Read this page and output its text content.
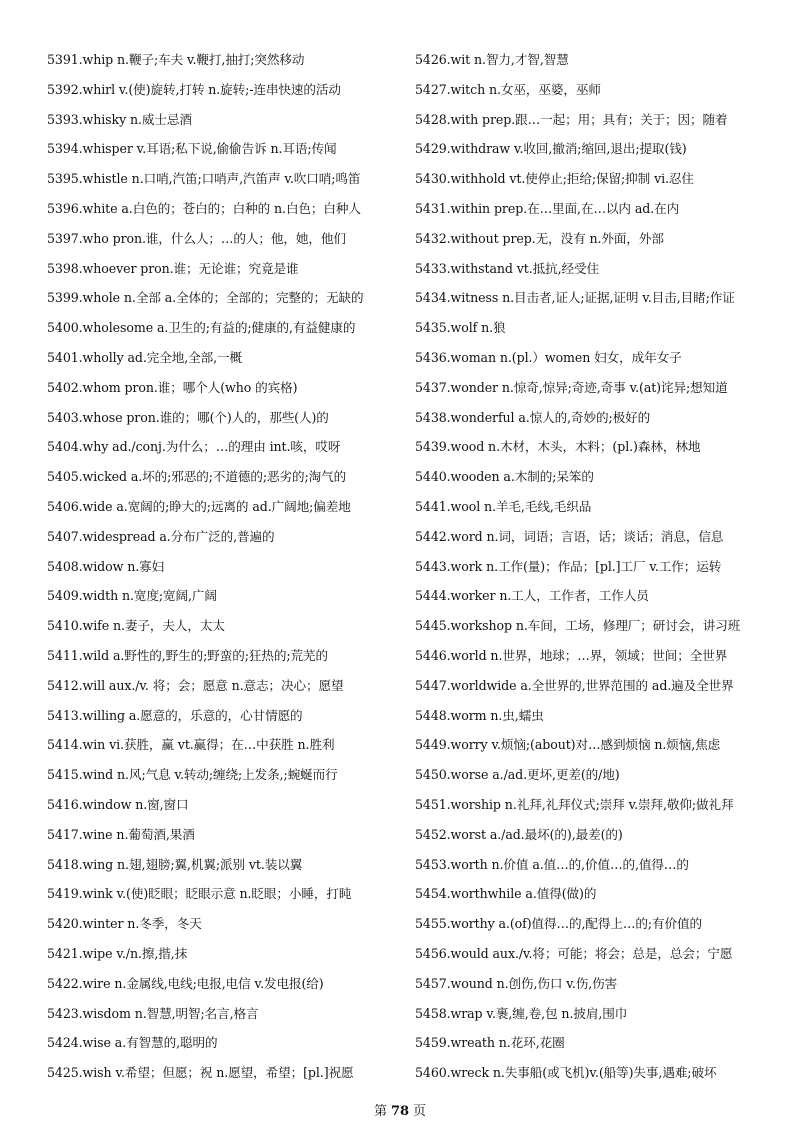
5391.whip n.鞭子;车夫 v.鞭打,抽打;突然移动
5392.whirl v.(使)旋转,打转 n.旋转;-连串快速的活动
5393.whisky n.威士忌酒
5394.whisper v.耳语;私下说,偷偷告诉 n.耳语;传闻
5395.whistle n.口哨,汽笛;口哨声,汽笛声 v.吹口哨;鸣笛
5396.white a.白色的；苍白的；白种的 n.白色；白种人
5397.who pron.谁，什么人；…的人；他，她，他们
5398.whoever pron.谁；无论谁；究竟是谁
5399.whole n.全部 a.全体的；全部的；完整的；无缺的
5400.wholesome a.卫生的;有益的;健康的,有益健康的
5401.wholly ad.完全地,全部,一概
5402.whom pron.谁；哪个人(who 的宾格)
5403.whose pron.谁的；哪(个)人的，那些(人)的
5404.why ad./conj.为什么；…的理由 int.咳，哎呀
5405.wicked a.坏的;邪恶的;不道德的;恶劣的;淘气的
5406.wide a.宽阔的;睁大的;远离的 ad.广阔地;偏差地
5407.widespread a.分布广泛的,普遍的
5408.widow n.寡妇
5409.width n.宽度;宽阔,广阔
5410.wife n.妻子，夫人，太太
5411.wild a.野性的,野生的;野蛮的;狂热的;荒芜的
5412.will aux./v. 将；会；愿意 n.意志；决心；愿望
5413.willing a.愿意的，乐意的，心甘情愿的
5414.win vi.获胜，赢 vt.赢得；在…中获胜 n.胜利
5415.wind n.风;气息 v.转动;缠绕;上发条,;蜿蜒而行
5416.window n.窗,窗口
5417.wine n.葡萄酒,果酒
5418.wing n.翅,翅膀;翼,机翼;派别 vt.装以翼
5419.wink v.(使)眨眼；眨眼示意 n.眨眼；小睡，打盹
5420.winter n.冬季，冬天
5421.wipe v./n.擦,揩,抹
5422.wire n.金属线,电线;电报,电信 v.发电报(给)
5423.wisdom n.智慧,明智;名言,格言
5424.wise a.有智慧的,聪明的
5425.wish v.希望；但愿；祝 n.愿望，希望；[pl.]祝愿
5426.wit n.智力,才智,智慧
5427.witch n.女巫，巫婆，巫师
5428.with prep.跟…一起；用；具有；关于；因；随着
5429.withdraw v.收回,撤消;缩回,退出;提取(钱)
5430.withhold vt.使停止;拒给;保留;抑制 vi.忍住
5431.within prep.在…里面,在…以内 ad.在内
5432.without prep.无，没有 n.外面，外部
5433.withstand vt.抵抗,经受住
5434.witness n.目击者,证人;证据,证明 v.目击,目睹;作证
5435.wolf n.狼
5436.woman n.(pl.）women 妇女，成年女子
5437.wonder n.惊奇,惊异;奇迹,奇事 v.(at)诧异;想知道
5438.wonderful a.惊人的,奇妙的;极好的
5439.wood n.木材，木头，木料；(pl.)森林，林地
5440.wooden a.木制的;呆笨的
5441.wool n.羊毛,毛线,毛织品
5442.word n.词，词语；言语，话；谈话；消息，信息
5443.work n.工作(量)；作品；[pl.]工厂 v.工作；运转
5444.worker n.工人，工作者，工作人员
5445.workshop n.车间，工场，修理厂；研讨会，讲习班
5446.world n.世界，地球；…界，领域；世间；全世界
5447.worldwide a.全世界的,世界范围的 ad.遍及全世界
5448.worm n.虫,蠕虫
5449.worry v.烦恼;(about)对…感到烦恼 n.烦恼,焦虑
5450.worse a./ad.更坏,更差(的/地)
5451.worship n.礼拜,礼拜仪式;崇拜 v.崇拜,敬仰;做礼拜
5452.worst a./ad.最坏(的),最差(的)
5453.worth n.价值 a.值…的,价值…的,值得…的
5454.worthwhile a.值得(做)的
5455.worthy a.(of)值得…的,配得上…的;有价值的
5456.would aux./v.将；可能；将会；总是，总会；宁愿
5457.wound n.创伤,伤口 v.伤,伤害
5458.wrap v.裹,缠,卷,包 n.披肩,围巾
5459.wreath n.花环,花圈
5460.wreck n.失事船(或飞机)v.(船等)失事,遇难;破坏
第 78 页
